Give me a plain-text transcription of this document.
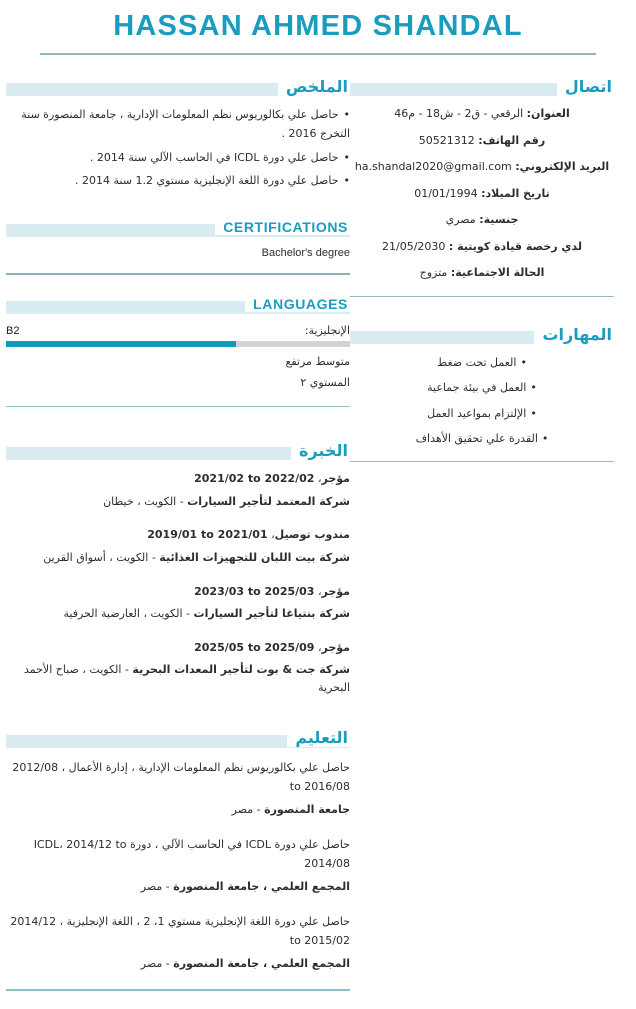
HASSAN AHMED SHANDAL
الملخص
•حاصل علي بكالوريوس نظم المعلومات الإدارية ، جامعة المنصورة سنة التخرج 2016 .
•حاصل علي دورة ICDL في الحاسب الآلي سنة 2014 .
•حاصل علي دورة اللغة الإنجليزية مستوي 1.2 سنة 2014 .
CERTIFICATIONS
Bachelor's degree
LANGUAGES
الإنجليزية:
B2
متوسط مرتفع
المستوي ٢
الخبرة
مؤجر، 2021/02 to 2022/02
شركة المعتمد لتأجير السيارات - الكويت ، خيطان
مندوب توصيل، 2019/01 to 2021/01
شركة بيت اللبان للتجهيزات الغذائية - الكويت ، أسواق القرين
مؤجر، 2023/03 to 2025/03
شركة بنتياغا لتأجير السيارات - الكويت ، العارضية الحرفية
مؤجر، 2025/05 to 2025/09
شركة جت & بوت لتأجير المعدات البحرية - الكويت ، صباح الأحمد البحرية
التعليم
حاصل علي بكالوريوس نظم المعلومات الإدارية ، إدارة الأعمال ، 2012/08 to 2016/08
جامعة المنصورة - مصر
حاصل علي دورة ICDL في الحاسب الآلي ، دورة ICDL، 2014/12 to 2014/08
المجمع العلمي ، جامعة المنصورة - مصر
حاصل علي دورة اللغة الإنجليزية مستوي 1، 2 ، اللغة الإنجليزية ، 2014/12 to 2015/02
المجمع العلمي ، جامعة المنصورة - مصر
اتصال
العنوان: الرقعي - ق2 - ش18 - م46
رقم الهاتف: 50521312
البريد الإلكتروني: ha.shandal2020@gmail.com
تاريخ الميلاد: 01/01/1994
جنسية: مصري
لدي رخصة قيادة كويتية : 21/05/2030
الحالة الاجتماعية: متزوج
المهارات
•العمل تحت ضغط
•العمل في بيئة جماعية
•الإلتزام بمواعيد العمل
•القدرة علي تحقيق الأهداف
